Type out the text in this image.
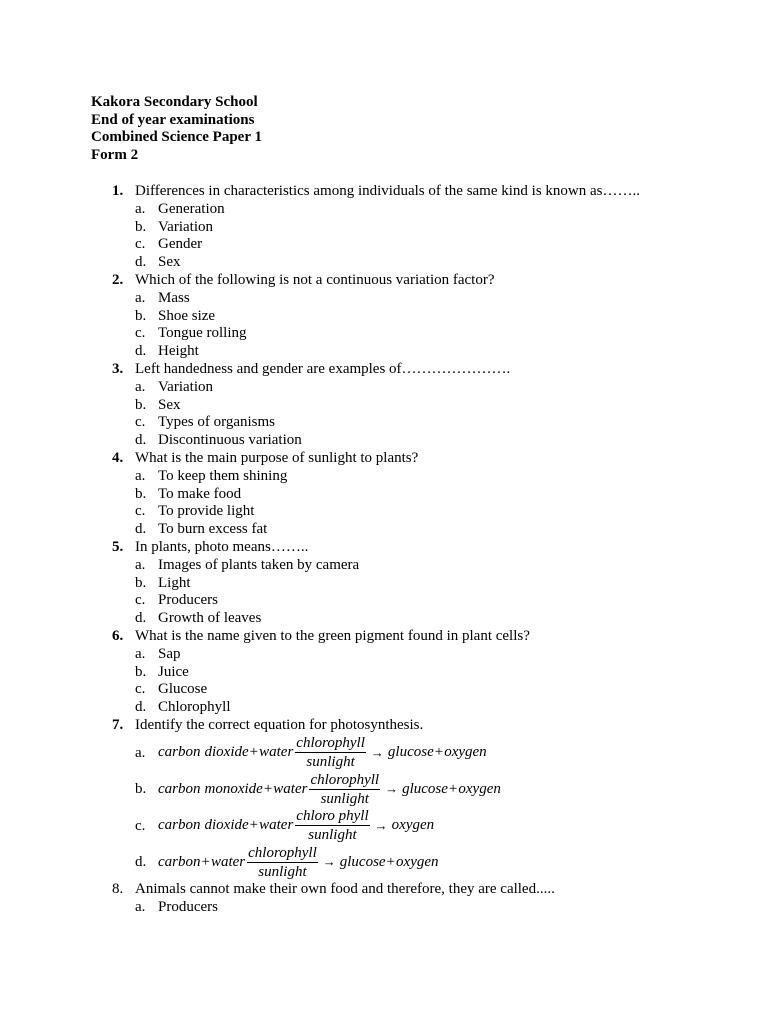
Kakora Secondary School
End of year examinations
Combined Science Paper 1
Form 2
1. Differences in characteristics among individuals of the same kind is known as……..
a. Generation
b. Variation
c. Gender
d. Sex
2. Which of the following is not a continuous variation factor?
a. Mass
b. Shoe size
c. Tongue rolling
d. Height
3. Left handedness and gender are examples of………………….
a. Variation
b. Sex
c. Types of organisms
d. Discontinuous variation
4. What is the main purpose of sunlight to plants?
a. To keep them shining
b. To make food
c. To provide light
d. To burn excess fat
5. In plants, photo means……..
a. Images of plants taken by camera
b. Light
c. Producers
d. Growth of leaves
6. What is the name given to the green pigment found in plant cells?
a. Sap
b. Juice
c. Glucose
d. Chlorophyll
7. Identify the correct equation for photosynthesis.
a. carbon dioxide + water $\frac{\text{chlorophyll}}{\text{sunlight}} \to glucose$ + oxygen
b. carbon monoxide + water $\frac{\text{chlorophyll}}{\text{sunlight}} \to glucose$ + oxygen
c. carbon dioxide + water $\frac{\text{chloro phyll}}{\text{sunlight}}$ → oxygen
d. carbon + water $\frac{\text{chlorophyll}}{\text{sunlight}} \to glucose$ + oxygen
8. Animals cannot make their own food and therefore, they are called.....
a. Producers
